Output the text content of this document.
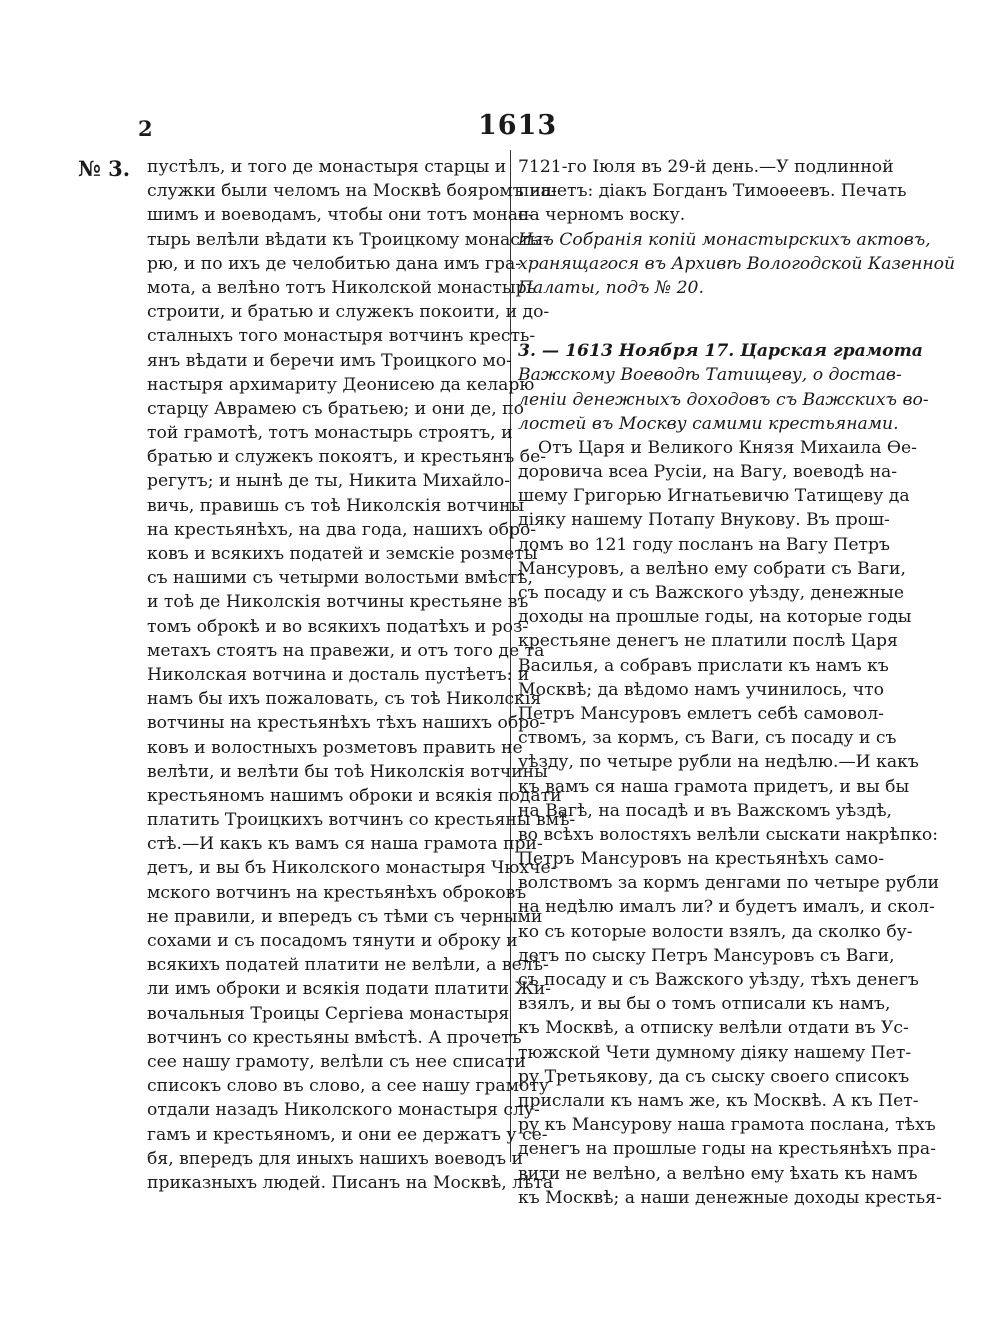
2	1613
№ 3. пустѣлъ, и того де монастыря старцы и
служки были челомъ на Москвѣ бояромъ на-
шимъ и воеводамъ, чтобы они тотъ монас-
тырь велѣли вѣдати къ Троицкому монасты-
рю, и по ихъ де челобитью дана имъ гра-
мота, а велѣно тотъ Николской монастырь
строити, и братью и служекъ покоити, и до-
сталныхъ того монастыря вотчинъ кресть-
янъ вѣдати и беречи имъ Троицкого мо-
настыря архимариту Деонисею да келарю
старцу Аврамею съ братьею; и они де, по
той грамотѣ, тотъ монастырь строятъ, и
братью и служекъ покоятъ, и крестьянъ бе-
регутъ; и нынѣ де ты, Никита Михайло-
вичь, правишь съ тоѣ Николскія вотчины
на крестьянѣхъ, на два года, нашихъ обро-
ковъ и всякихъ податей и земскіе розметы
съ нашими съ четырми волостьми вмѣстѣ,
и тоѣ де Николскія вотчины крестьяне въ
томъ оброкѣ и во всякихъ податѣхъ и роз-
метахъ стоятъ на правежи, и отъ того де та
Николская вотчина и досталь пустѣетъ: и
намъ бы ихъ пожаловать, съ тоѣ Николскія
вотчины на крестьянѣхъ тѣхъ нашихъ обро-
ковъ и волостныхъ розметовъ править не
велѣти, и велѣти бы тоѣ Николскія вотчины
крестьяномъ нашимъ оброки и всякія подати
платить Троицкихъ вотчинъ со крестьяны вмѣ-
стѣ.—И какъ къ вамъ ся наша грамота при-
детъ, и вы бъ Николского монастыря Чюхче-
мского вотчинъ на крестьянѣхъ оброковъ
не правили, и впередъ съ тѣми съ черными
сохами и съ посадомъ тянути и оброку и
всякихъ податей платити не велѣли, а велѣ-
ли имъ оброки и всякія подати платити Жи-
вочальныя Троицы Сергіева монастыря
вотчинъ со крестьяны вмѣстѣ. А прочетъ
сее нашу грамоту, велѣли съ нее списати
списокъ слово въ слово, а сее нашу грамоту
отдали назадъ Николского монастыря слу-
гамъ и крестьяномъ, и они ее держатъ у се-
бя, впередъ для иныхъ нашихъ воеводъ и
приказныхъ людей. Писанъ на Москвѣ, лѣта
7121-го Іюля въ 29-й день.—У подлинной
пишетъ: діакъ Богданъ Тимоѳеевъ. Печать
на черномъ воску.
Изъ Собранія копій монастырскихъ актовъ,
хранящагося въ Архивѣ Вологодской Казенной
Палаты, подъ № 20.
3. — 1613 Ноября 17. Царская грамота
Важскому Воеводѣ Татищеву, о достав-
леніи денежныхъ доходовъ съ Важскихъ во-
лостей въ Москву самими крестьянами.
Отъ Царя и Великого Князя Михаила Ѳе-
доровича всеа Русіи, на Вагу, воеводѣ на-
шему Григорью Игнатьевичю Татищеву да
діяку нашему Потапу Внукову. Въ прош-
ломъ во 121 году посланъ на Вагу Петръ
Мансуровъ, а велѣно ему собрати съ Ваги,
съ посаду и съ Важского уѣзду, денежные
доходы на прошлые годы, на которые годы
крестьяне денегъ не платили послѣ Царя
Василья, а собравъ прислати къ намъ къ
Москвѣ; да вѣдомо намъ учинилось, что
Петръ Мансуровъ емлетъ себѣ самовол-
ствомъ, за кормъ, съ Ваги, съ посаду и съ
уѣзду, по четыре рубли на недѣлю.—И какъ
къ вамъ ся наша грамота придетъ, и вы бы
на Вагѣ, на посадѣ и въ Важскомъ уѣздѣ,
во всѣхъ волостяхъ велѣли сыскати накрѣпко:
Петръ Мансуровъ на крестьянѣхъ само-
волствомъ за кормъ денгами по четыре рубли
на недѣлю ималъ ли? и будетъ ималъ, и скол-
ко съ которые волости взялъ, да сколко бу-
детъ по сыску Петръ Мансуровъ съ Ваги,
съ посаду и съ Важского уѣзду, тѣхъ денегъ
взялъ, и вы бы о томъ отписали къ намъ,
къ Москвѣ, а отписку велѣли отдати въ Ус-
тюжской Чети думному діяку нашему Пет-
ру Третьякову, да съ сыску своего списокъ
прислали къ намъ же, къ Москвѣ. А къ Пет-
ру къ Мансурову наша грамота послана, тѣхъ
денегъ на прошлые годы на крестьянѣхъ пра-
вити не велѣно, а велѣно ему ѣхать къ намъ
къ Москвѣ; а наши денежные доходы крестья-
